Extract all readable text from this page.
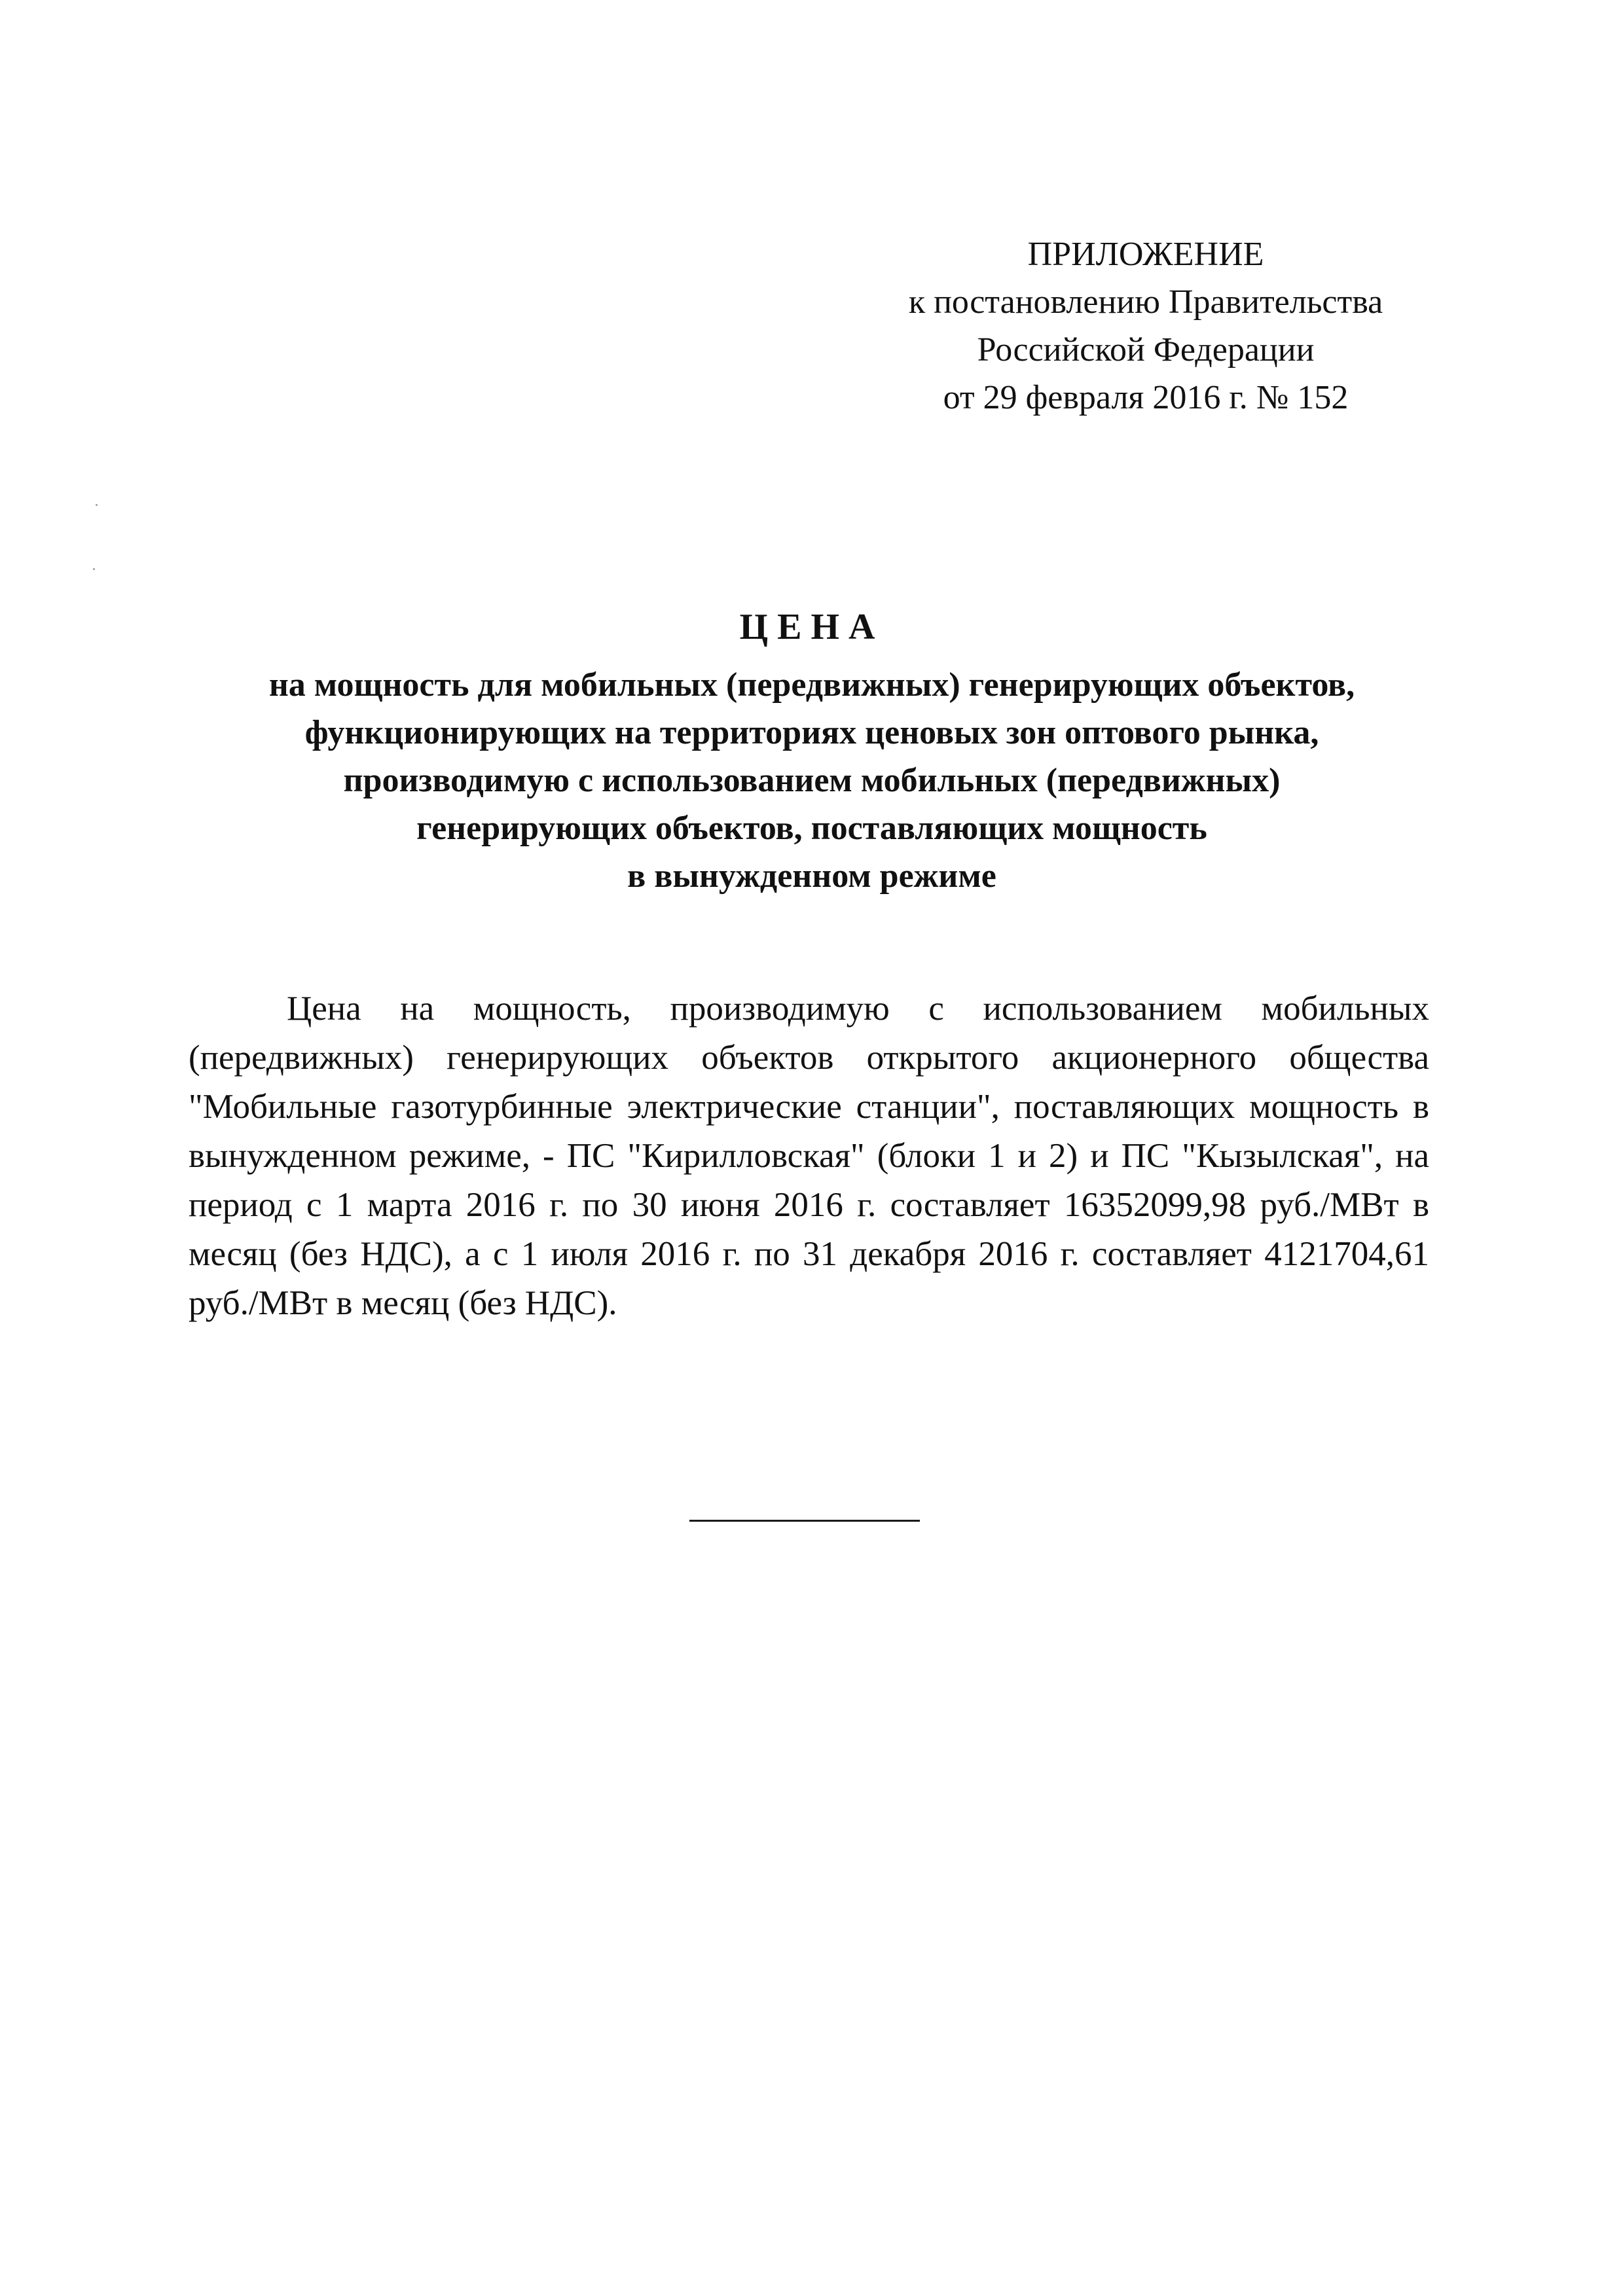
ПРИЛОЖЕНИЕ
к постановлению Правительства
Российской Федерации
от 29 февраля 2016 г. № 152

ЦЕНА

на мощность для мобильных (передвижных) генерирующих объектов,
функционирующих на территориях ценовых зон оптового рынка,
производимую с использованием мобильных (передвижных)
генерирующих объектов, поставляющих мощность
в вынужденном режиме

Цена на мощность, производимую с использованием мобильных (передвижных) генерирующих объектов открытого акционерного общества "Мобильные газотурбинные электрические станции", поставляющих мощность в вынужденном режиме, - ПС "Кирилловская" (блоки 1 и 2) и ПС "Кызылская", на период с 1 марта 2016 г. по 30 июня 2016 г. составляет 16352099,98 руб./МВт в месяц (без НДС), а с 1 июля 2016 г. по 31 декабря 2016 г. составляет 4121704,61 руб./МВт в месяц (без НДС).
